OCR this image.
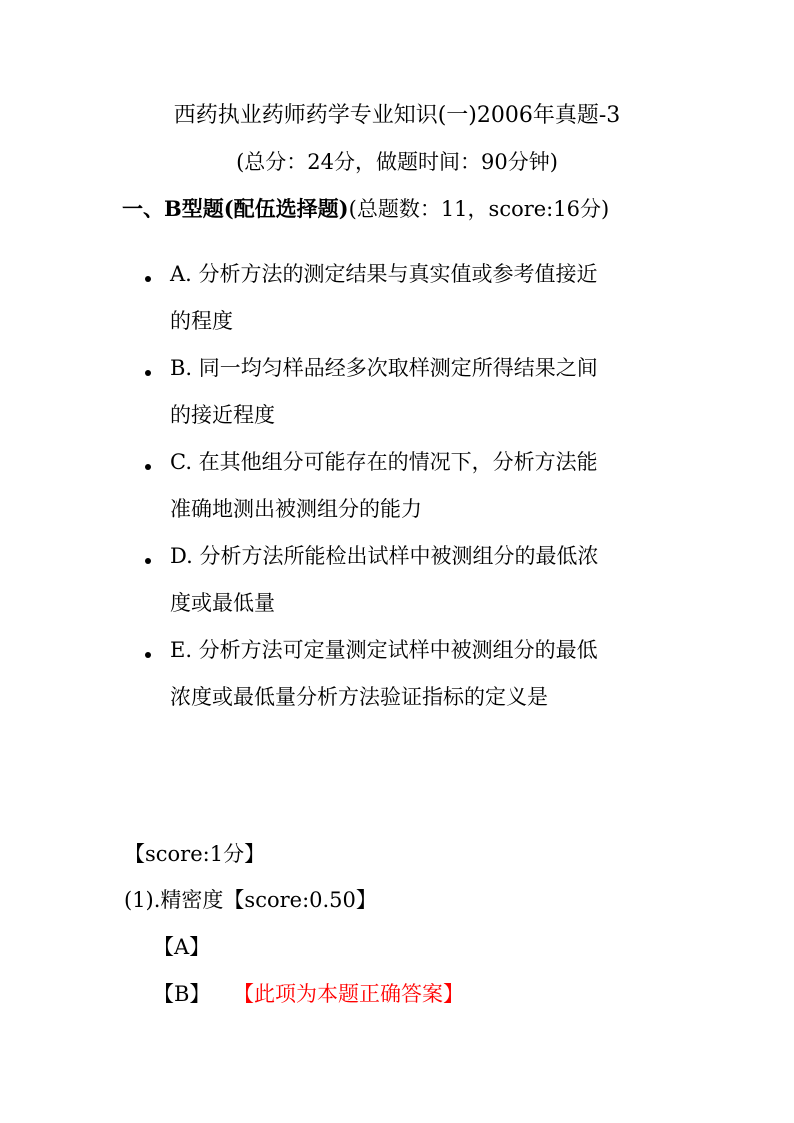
西药执业药师药学专业知识(一)2006年真题-3
(总分：24分，做题时间：90分钟)
一、B型题(配伍选择题)(总题数：11，score:16分)
A. 分析方法的测定结果与真实值或参考值接近
的程度
B. 同一均匀样品经多次取样测定所得结果之间
的接近程度
C. 在其他组分可能存在的情况下，分析方法能
准确地测出被测组分的能力
D. 分析方法所能检出试样中被测组分的最低浓
度或最低量
E. 分析方法可定量测定试样中被测组分的最低
浓度或最低量分析方法验证指标的定义是
【score:1分】
(1).精密度【score:0.50】
【A】
【B】 【此项为本题正确答案】
